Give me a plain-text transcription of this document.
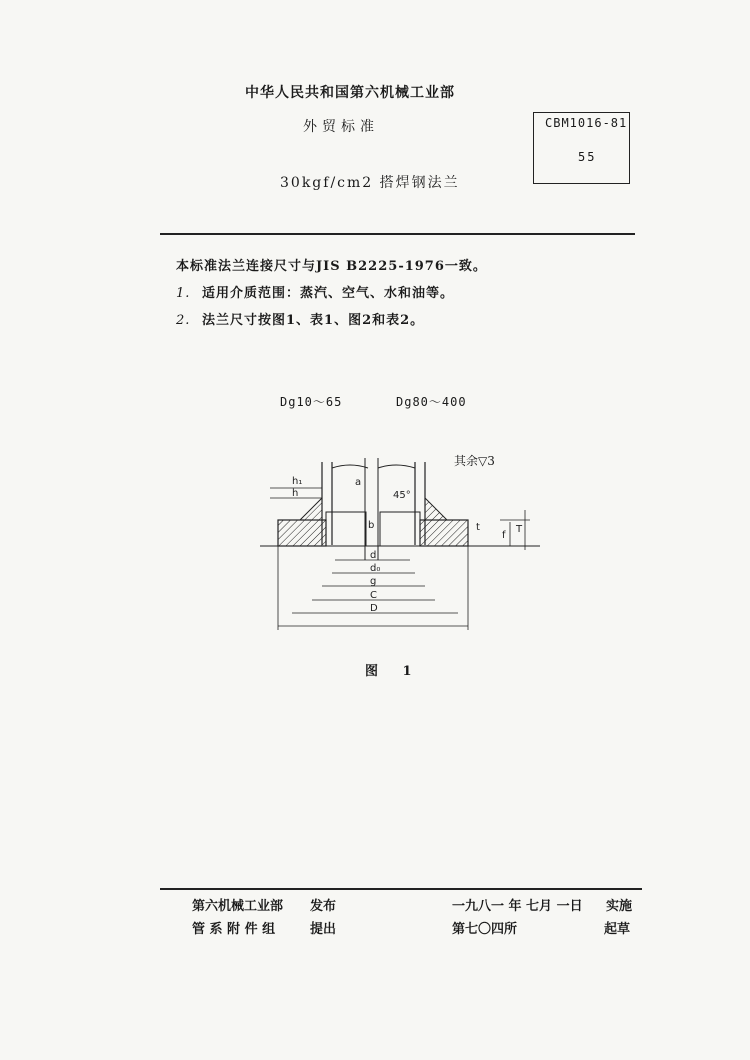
中华人民共和国第六机械工业部
外贸标准	CBM1016-81
55
30kgf/cm2 搭焊钢法兰
本标准法兰连接尺寸与JIS B2225-1976一致。
1. 适用介质范围：蒸汽、空气、水和油等。
2. 法兰尺寸按图1、表1、图2和表2。
Dg10～65	Dg80～400
其余▽3
a
45°
b
d
d₀
g
C
D
h₁
h
f
t	T
图 1
第六机械工业部 发布	一九八一 年 七月 一日 实施
管 系 附 件 组	提出	第七〇四所	起草
